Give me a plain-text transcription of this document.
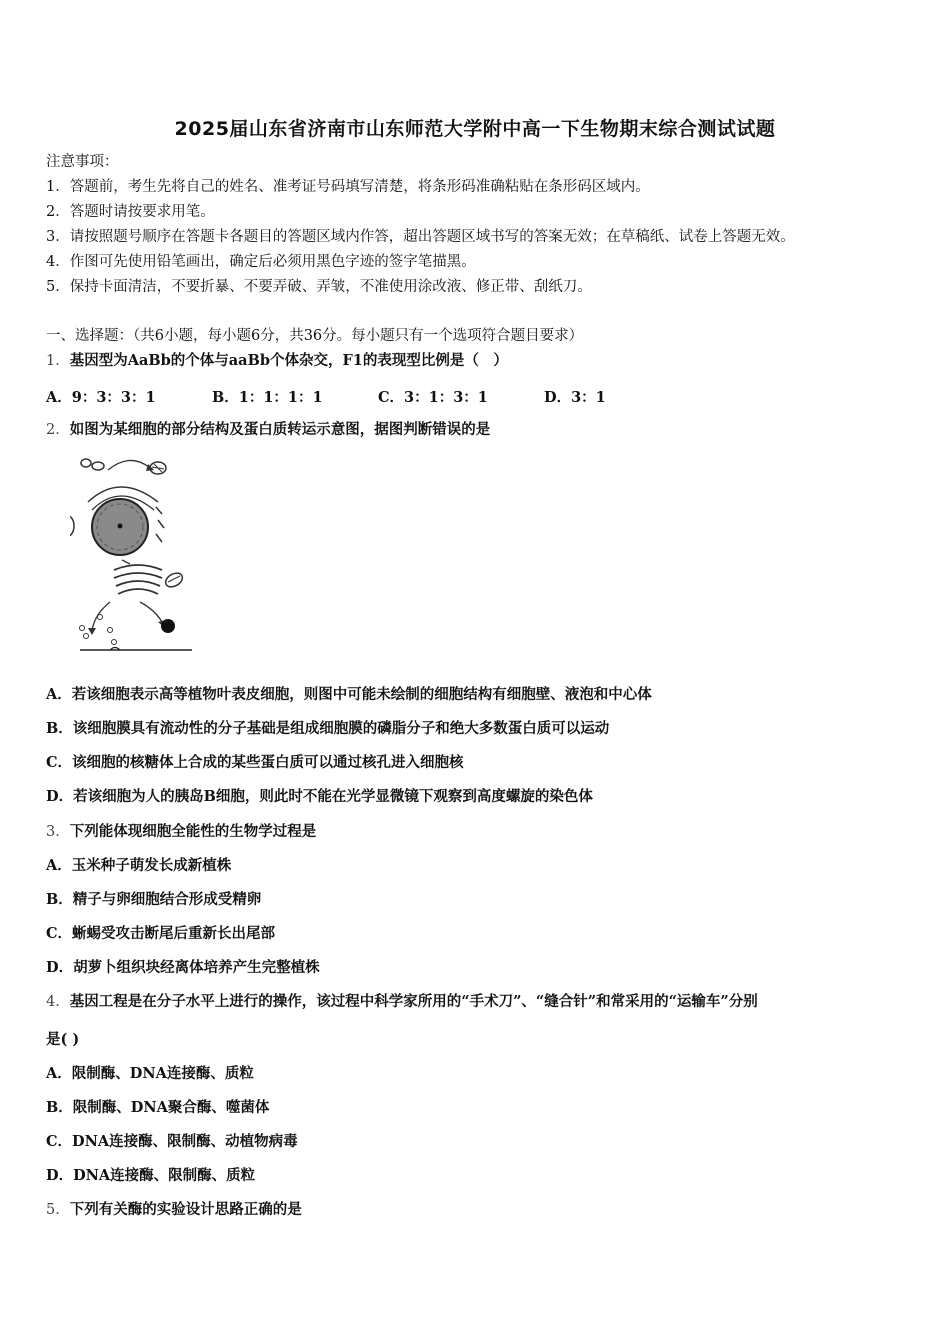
2025届山东省济南市山东师范大学附中高一下生物期末综合测试试题
注意事项：
1．答题前，考生先将自己的姓名、准考证号码填写清楚，将条形码准确粘贴在条形码区域内。
2．答题时请按要求用笔。
3．请按照题号顺序在答题卡各题目的答题区域内作答，超出答题区域书写的答案无效；在草稿纸、试卷上答题无效。
4．作图可先使用铅笔画出，确定后必须用黑色字迹的签字笔描黑。
5．保持卡面清洁，不要折暴、不要弄破、弄皱，不准使用涂改液、修正带、刮纸刀。
一、选择题：（共6小题，每小题6分，共36分。每小题只有一个选项符合题目要求）
1．基因型为AaBb的个体与aaBb个体杂交，F1的表现型比例是（　）
A．9：3：3：1	B．1：1：1：1	C．3：1：3：1	D．3：1
2．如图为某细胞的部分结构及蛋白质转运示意图，据图判断错误的是
A．若该细胞表示高等植物叶表皮细胞，则图中可能未绘制的细胞结构有细胞壁、液泡和中心体
B．该细胞膜具有流动性的分子基础是组成细胞膜的磷脂分子和绝大多数蛋白质可以运动
C．该细胞的核糖体上合成的某些蛋白质可以通过核孔进入细胞核
D．若该细胞为人的胰岛B细胞，则此时不能在光学显微镜下观察到高度螺旋的染色体
3．下列能体现细胞全能性的生物学过程是
A．玉米种子萌发长成新植株
B．精子与卵细胞结合形成受精卵
C．蜥蜴受攻击断尾后重新长出尾部
D．胡萝卜组织块经离体培养产生完整植株
4．基因工程是在分子水平上进行的操作，该过程中科学家所用的“手术刀”、“缝合针”和常采用的“运输车”分别
是( )
A．限制酶、DNA连接酶、质粒
B．限制酶、DNA聚合酶、噬菌体
C．DNA连接酶、限制酶、动植物病毒
D．DNA连接酶、限制酶、质粒
5．下列有关酶的实验设计思路正确的是
